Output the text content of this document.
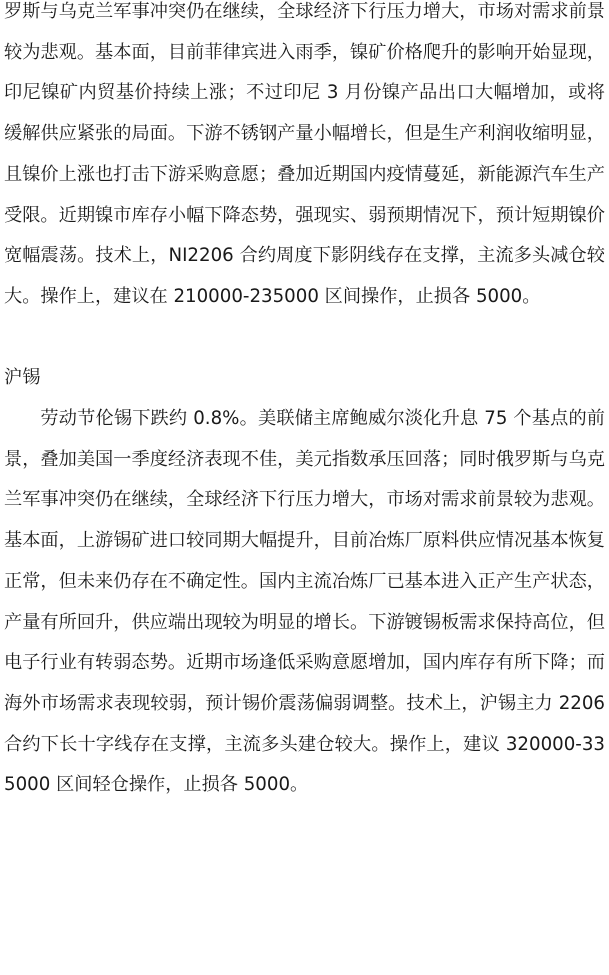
罗斯与乌克兰军事冲突仍在继续，全球经济下行压力增大，市场对需求前景较为悲观。基本面，目前菲律宾进入雨季，镍矿价格爬升的影响开始显现，印尼镍矿内贸基价持续上涨；不过印尼 3 月份镍产品出口大幅增加，或将缓解供应紧张的局面。下游不锈钢产量小幅增长，但是生产利润收缩明显，且镍价上涨也打击下游采购意愿；叠加近期国内疫情蔓延，新能源汽车生产受限。近期镍市库存小幅下降态势，强现实、弱预期情况下，预计短期镍价宽幅震荡。技术上，NI2206 合约周度下影阴线存在支撑，主流多头减仓较大。操作上，建议在 210000-235000 区间操作，止损各 5000。

沪锡

劳动节伦锡下跌约 0.8%。美联储主席鲍威尔淡化升息 75 个基点的前景，叠加美国一季度经济表现不佳，美元指数承压回落；同时俄罗斯与乌克兰军事冲突仍在继续，全球经济下行压力增大，市场对需求前景较为悲观。基本面，上游锡矿进口较同期大幅提升，目前冶炼厂原料供应情况基本恢复正常，但未来仍存在不确定性。国内主流冶炼厂已基本进入正产生产状态，产量有所回升，供应端出现较为明显的增长。下游镀锡板需求保持高位，但电子行业有转弱态势。近期市场逢低采购意愿增加，国内库存有所下降；而海外市场需求表现较弱，预计锡价震荡偏弱调整。技术上，沪锡主力 2206 合约下长十字线存在支撑，主流多头建仓较大。操作上，建议 320000-335000 区间轻仓操作，止损各 5000。
